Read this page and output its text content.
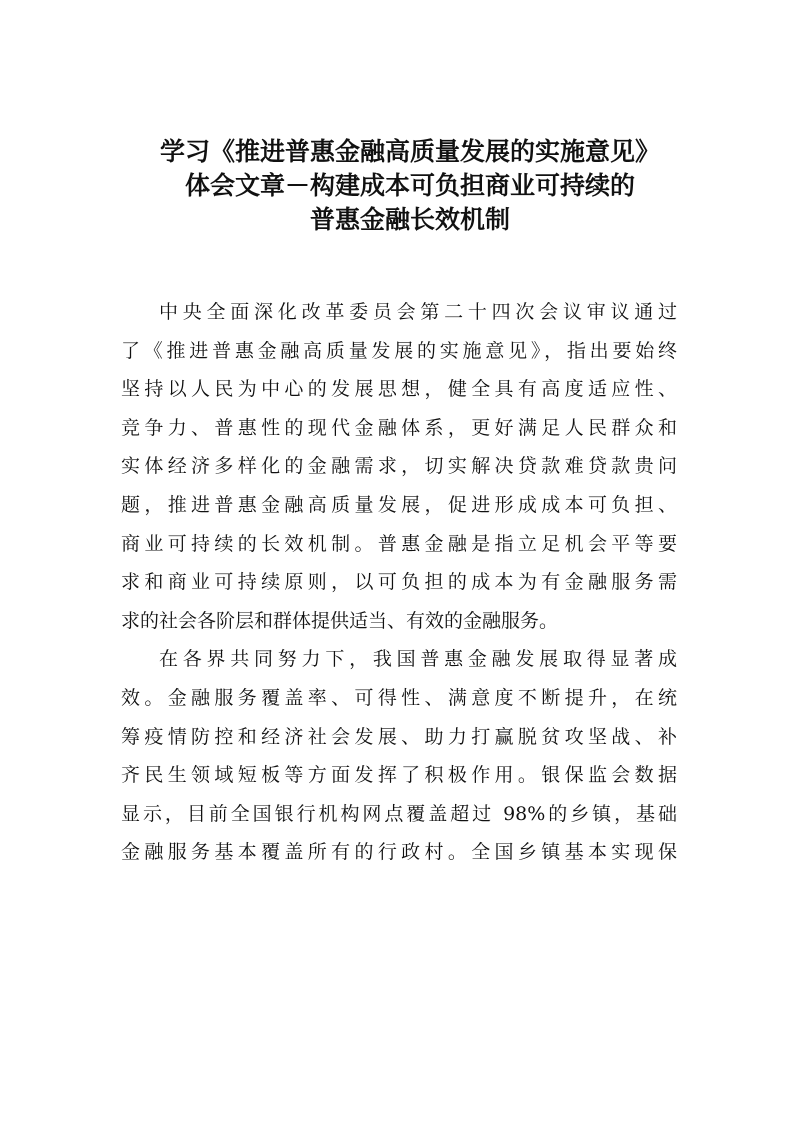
学习《推进普惠金融高质量发展的实施意见》
体会文章－构建成本可负担商业可持续的
普惠金融长效机制
中央全面深化改革委员会第二十四次会议审议通过
了《推进普惠金融高质量发展的实施意见》，指出要始终
坚持以人民为中心的发展思想，健全具有高度适应性、
竞争力、普惠性的现代金融体系，更好满足人民群众和
实体经济多样化的金融需求，切实解决贷款难贷款贵问
题，推进普惠金融高质量发展，促进形成成本可负担、
商业可持续的长效机制。普惠金融是指立足机会平等要
求和商业可持续原则，以可负担的成本为有金融服务需
求的社会各阶层和群体提供适当、有效的金融服务。
在各界共同努力下，我国普惠金融发展取得显著成
效。金融服务覆盖率、可得性、满意度不断提升，在统
筹疫情防控和经济社会发展、助力打赢脱贫攻坚战、补
齐民生领域短板等方面发挥了积极作用。银保监会数据
显示，目前全国银行机构网点覆盖超过 98%的乡镇，基础
金融服务基本覆盖所有的行政村。全国乡镇基本实现保
